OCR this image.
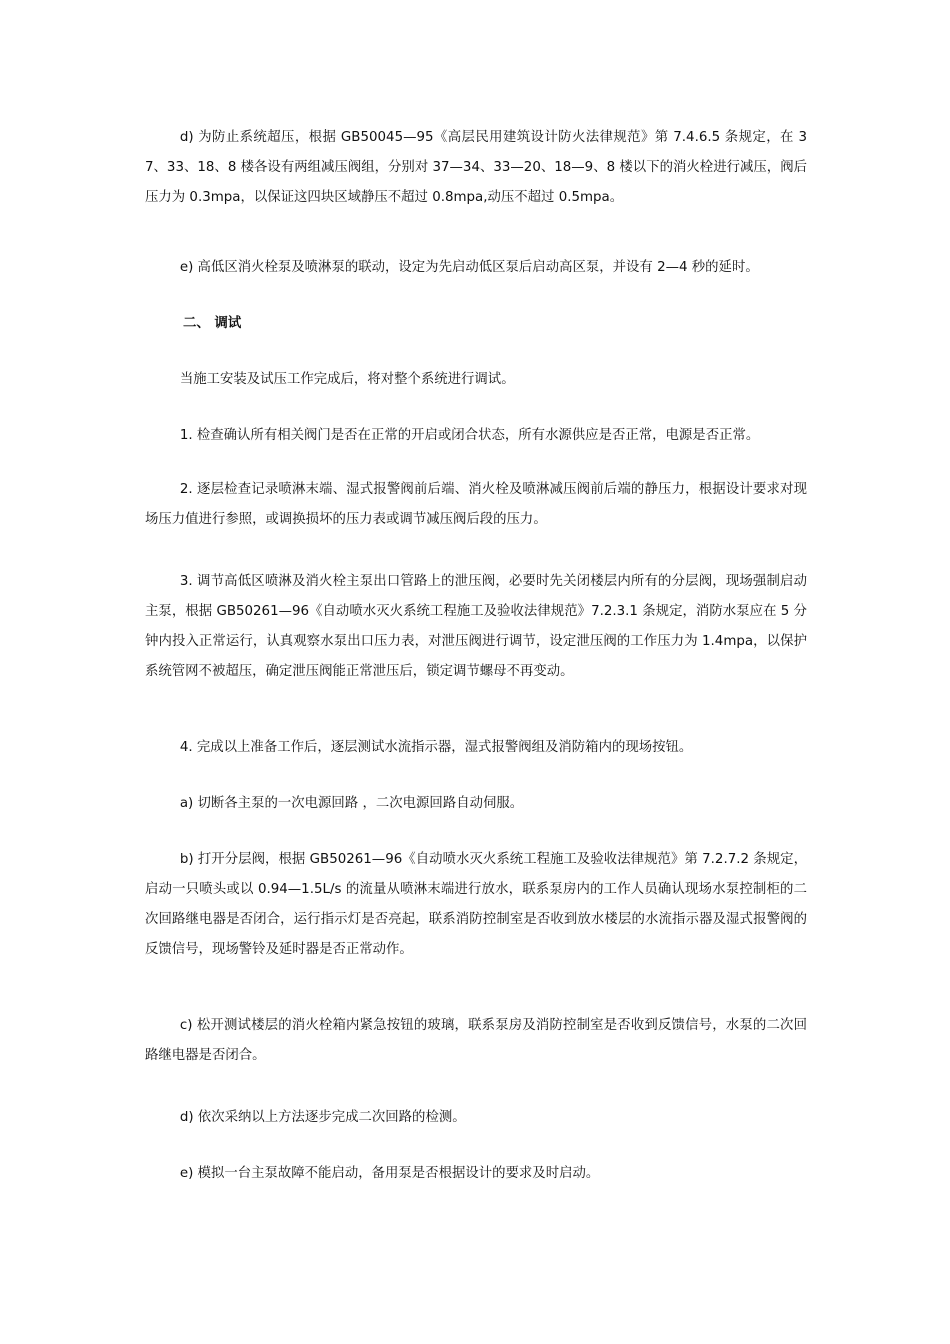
d) 为防止系统超压，根据 GB50045—95《高层民用建筑设计防火法律规范》第 7.4.6.5 条规定，在 37、33、18、8 楼各设有两组减压阀组，分别对 37—34、33—20、18—9、8 楼以下的消火栓进行减压，阀后压力为 0.3mpa，以保证这四块区域静压不超过 0.8mpa,动压不超过 0.5mpa。

e) 高低区消火栓泵及喷淋泵的联动，设定为先启动低区泵后启动高区泵，并设有 2—4 秒的延时。

二、 调试

当施工安装及试压工作完成后，将对整个系统进行调试。

1. 检查确认所有相关阀门是否在正常的开启或闭合状态，所有水源供应是否正常，电源是否正常。

2. 逐层检查记录喷淋末端、湿式报警阀前后端、消火栓及喷淋减压阀前后端的静压力，根据设计要求对现场压力值进行参照，或调换损坏的压力表或调节减压阀后段的压力。

3. 调节高低区喷淋及消火栓主泵出口管路上的泄压阀，必要时先关闭楼层内所有的分层阀，现场强制启动主泵，根据 GB50261—96《自动喷水灭火系统工程施工及验收法律规范》7.2.3.1 条规定，消防水泵应在 5 分钟内投入正常运行，认真观察水泵出口压力表，对泄压阀进行调节，设定泄压阀的工作压力为 1.4mpa，以保护系统管网不被超压，确定泄压阀能正常泄压后，锁定调节螺母不再变动。

4. 完成以上准备工作后，逐层测试水流指示器，湿式报警阀组及消防箱内的现场按钮。

a) 切断各主泵的一次电源回路 ，二次电源回路自动伺服。

b) 打开分层阀，根据 GB50261—96《自动喷水灭火系统工程施工及验收法律规范》第 7.2.7.2 条规定，启动一只喷头或以 0.94—1.5L/s 的流量从喷淋末端进行放水，联系泵房内的工作人员确认现场水泵控制柜的二次回路继电器是否闭合，运行指示灯是否亮起，联系消防控制室是否收到放水楼层的水流指示器及湿式报警阀的反馈信号，现场警铃及延时器是否正常动作。

c) 松开测试楼层的消火栓箱内紧急按钮的玻璃，联系泵房及消防控制室是否收到反馈信号，水泵的二次回路继电器是否闭合。

d) 依次采纳以上方法逐步完成二次回路的检测。

e) 模拟一台主泵故障不能启动，备用泵是否根据设计的要求及时启动。
